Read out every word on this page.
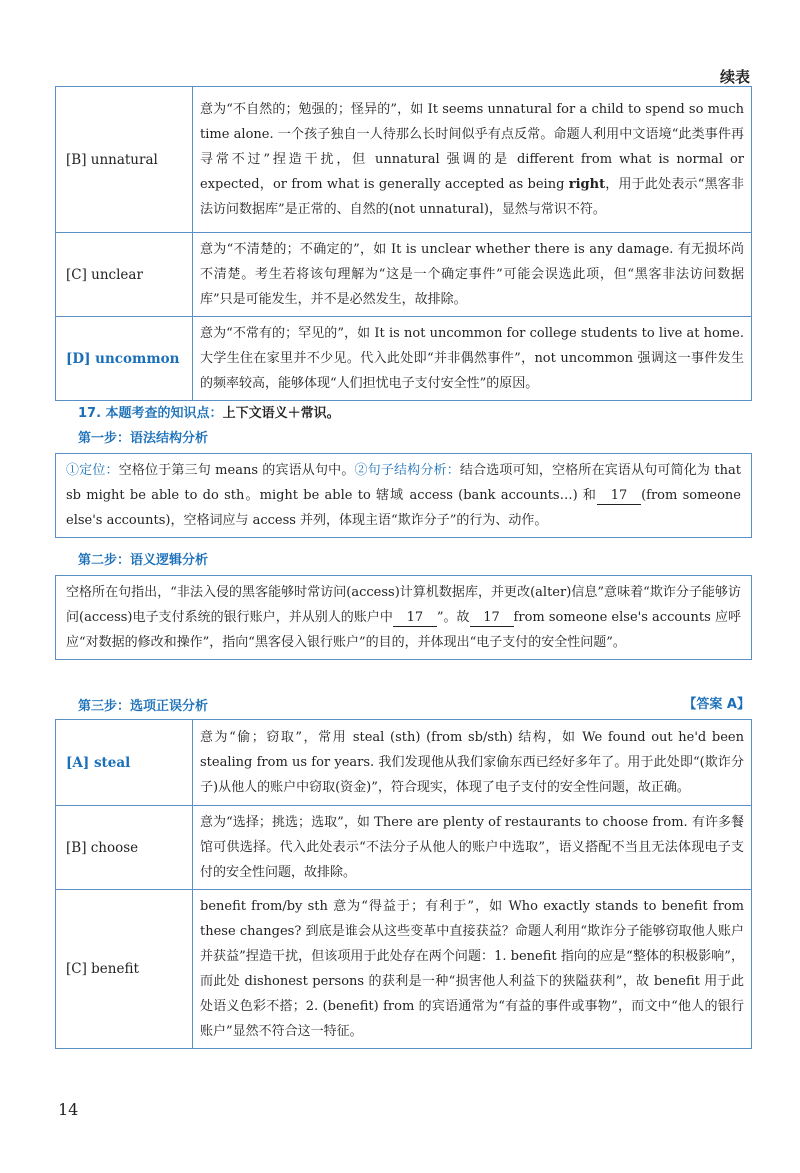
续表
[B] unnatural	意为“不自然的；勉强的；怪异的”，如 It seems unnatural for a child to spend so much time alone. 一个孩子独自一人待那么长时间似乎有点反常。命题人利用中文语境“此类事件再寻常不过”捏造干扰，但 unnatural 强调的是 different from what is normal or expected，or from what is generally accepted as being right，用于此处表示“黑客非法访问数据库”是正常的、自然的(not unnatural)，显然与常识不符。
[C] unclear	意为“不清楚的；不确定的”，如 It is unclear whether there is any damage. 有无损坏尚不清楚。考生若将该句理解为“这是一个确定事件”可能会误选此项，但“黑客非法访问数据库”只是可能发生，并不是必然发生，故排除。
[D] uncommon	意为“不常有的；罕见的”，如 It is not uncommon for college students to live at home. 大学生住在家里并不少见。代入此处即“并非偶然事件”，not uncommon 强调这一事件发生的频率较高，能够体现“人们担忧电子支付安全性”的原因。
17. 本题考查的知识点：上下文语义＋常识。
第一步：语法结构分析
①定位：空格位于第三句 means 的宾语从句中。②句子结构分析：结合选项可知，空格所在宾语从句可简化为 that sb might be able to do sth。might be able to 辖域 access (bank accounts…) 和 17 (from someone else's accounts)，空格词应与 access 并列，体现主语“欺诈分子”的行为、动作。
第二步：语义逻辑分析
空格所在句指出，“非法入侵的黑客能够时常访问(access)计算机数据库，并更改(alter)信息”意味着“欺诈分子能够访问(access)电子支付系统的银行账户，并从别人的账户中 17 ”。故 17 from someone else's accounts 应呼应“对数据的修改和操作”，指向“黑客侵入银行账户”的目的，并体现出“电子支付的安全性问题”。
第三步：选项正误分析	【答案 A】
[A] steal	意为“偷；窃取”，常用 steal (sth) (from sb/sth) 结构，如 We found out he'd been stealing from us for years. 我们发现他从我们家偷东西已经好多年了。用于此处即“(欺诈分子)从他人的账户中窃取(资金)”，符合现实，体现了电子支付的安全性问题，故正确。
[B] choose	意为“选择；挑选；选取”，如 There are plenty of restaurants to choose from. 有许多餐馆可供选择。代入此处表示“不法分子从他人的账户中选取”，语义搭配不当且无法体现电子支付的安全性问题，故排除。
[C] benefit	benefit from/by sth 意为“得益于；有利于”，如 Who exactly stands to benefit from these changes? 到底是谁会从这些变革中直接获益？命题人利用“欺诈分子能够窃取他人账户并获益”捏造干扰，但该项用于此处存在两个问题：1. benefit 指向的应是“整体的积极影响”，而此处 dishonest persons 的获利是一种“损害他人利益下的狭隘获利”，故 benefit 用于此处语义色彩不搭；2. (benefit) from 的宾语通常为“有益的事件或事物”，而文中“他人的银行账户”显然不符合这一特征。
14
